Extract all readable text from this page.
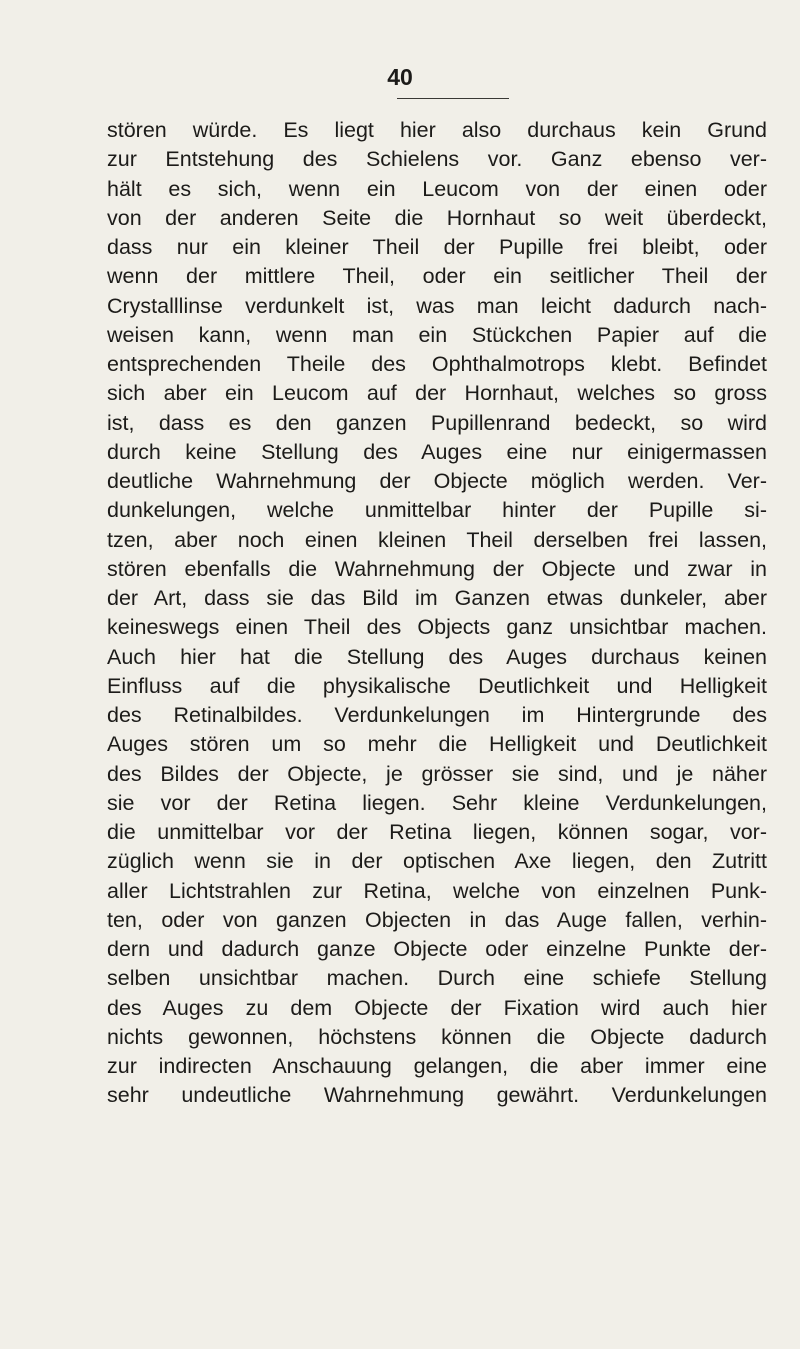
40
stören würde. Es liegt hier also durchaus kein Grund
zur Entstehung des Schielens vor. Ganz ebenso ver-
hält es sich, wenn ein Leucom von der einen oder
von der anderen Seite die Hornhaut so weit überdeckt,
dass nur ein kleiner Theil der Pupille frei bleibt, oder
wenn der mittlere Theil, oder ein seitlicher Theil der
Crystalllinse verdunkelt ist, was man leicht dadurch nach-
weisen kann, wenn man ein Stückchen Papier auf die
entsprechenden Theile des Ophthalmotrops klebt. Befindet
sich aber ein Leucom auf der Hornhaut, welches so gross
ist, dass es den ganzen Pupillenrand bedeckt, so wird
durch keine Stellung des Auges eine nur einigermassen
deutliche Wahrnehmung der Objecte möglich werden. Ver-
dunkelungen, welche unmittelbar hinter der Pupille si-
tzen, aber noch einen kleinen Theil derselben frei lassen,
stören ebenfalls die Wahrnehmung der Objecte und zwar in
der Art, dass sie das Bild im Ganzen etwas dunkeler, aber
keineswegs einen Theil des Objects ganz unsichtbar machen.
Auch hier hat die Stellung des Auges durchaus keinen
Einfluss auf die physikalische Deutlichkeit und Helligkeit
des Retinalbildes. Verdunkelungen im Hintergrunde des
Auges stören um so mehr die Helligkeit und Deutlichkeit
des Bildes der Objecte, je grösser sie sind, und je näher
sie vor der Retina liegen. Sehr kleine Verdunkelungen,
die unmittelbar vor der Retina liegen, können sogar, vor-
züglich wenn sie in der optischen Axe liegen, den Zutritt
aller Lichtstrahlen zur Retina, welche von einzelnen Punk-
ten, oder von ganzen Objecten in das Auge fallen, verhin-
dern und dadurch ganze Objecte oder einzelne Punkte der-
selben unsichtbar machen. Durch eine schiefe Stellung
des Auges zu dem Objecte der Fixation wird auch hier
nichts gewonnen, höchstens können die Objecte dadurch
zur indirecten Anschauung gelangen, die aber immer eine
sehr undeutliche Wahrnehmung gewährt. Verdunkelungen
